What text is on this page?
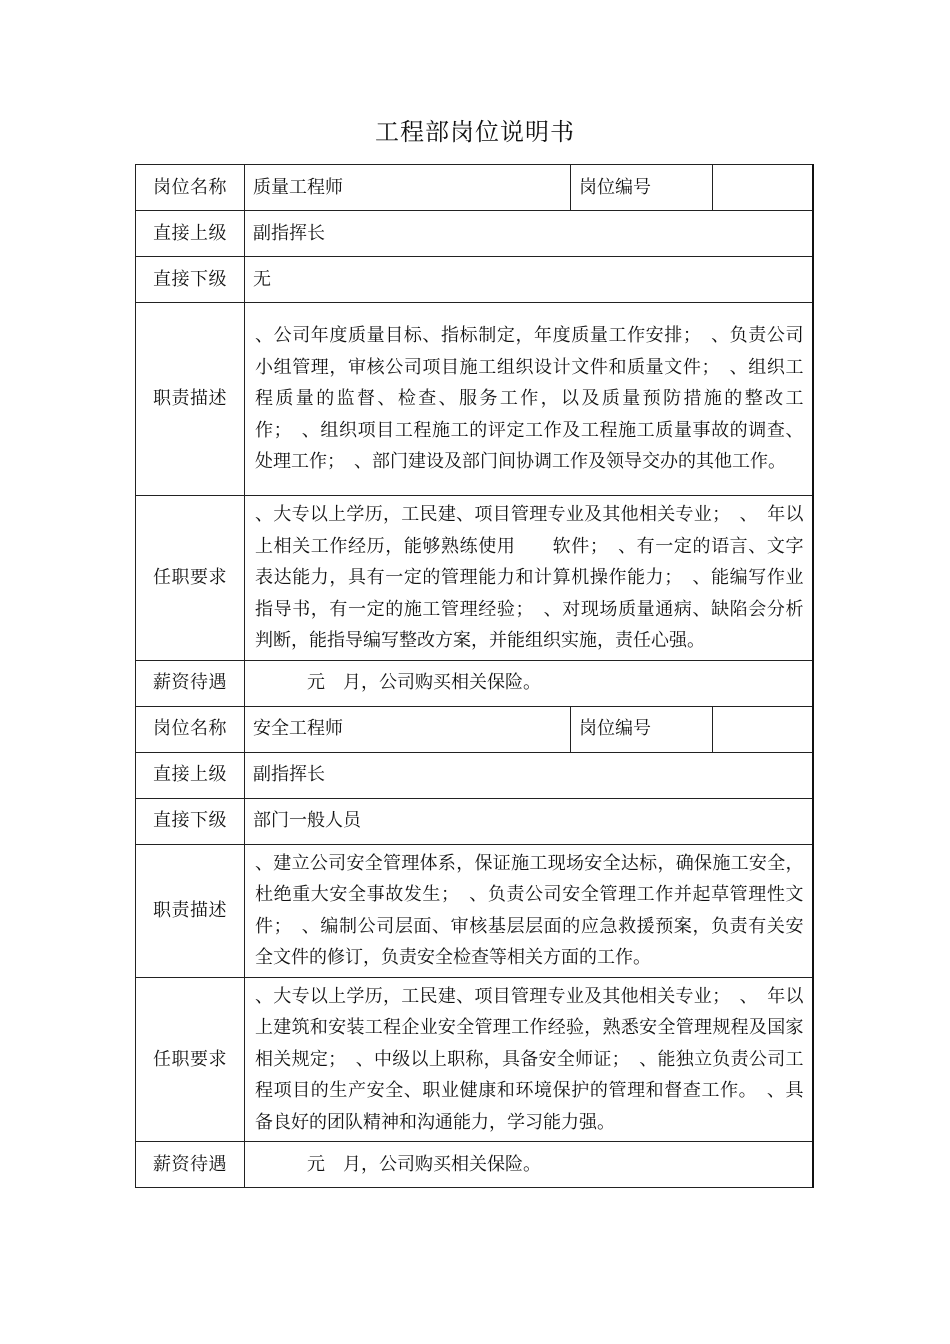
工程部岗位说明书
岗位名称	质量工程师	岗位编号	
直接上级	副指挥长		
直接下级	无		
职责描述	、公司年度质量目标、指标制定，年度质量工作安排；　、负责公司　　小组管理，审核公司项目施工组织设计文件和质量文件；　、组织工程质量的监督、检查、服务工作，以及质量预防措施的整改工作；　、组织项目工程施工的评定工作及工程施工质量事故的调查、处理工作；　、部门建设及部门间协调工作及领导交办的其他工作。		
任职要求	、大专以上学历，工民建、项目管理专业及其他相关专业；　、　年以上相关工作经历，能够熟练使用　　软件；　、有一定的语言、文字表达能力，具有一定的管理能力和计算机操作能力；　、能编写作业指导书，有一定的施工管理经验；　、对现场质量通病、缺陷会分析判断，能指导编写整改方案，并能组织实施，责任心强。		
薪资待遇	元　月，公司购买相关保险。		
岗位名称	安全工程师	岗位编号	
直接上级	副指挥长		
直接下级	部门一般人员		
职责描述	、建立公司安全管理体系，保证施工现场安全达标，确保施工安全，杜绝重大安全事故发生；　、负责公司安全管理工作并起草管理性文件；　、编制公司层面、审核基层层面的应急救援预案，负责有关安全文件的修订，负责安全检查等相关方面的工作。		
任职要求	、大专以上学历，工民建、项目管理专业及其他相关专业；　、　年以上建筑和安装工程企业安全管理工作经验，熟悉安全管理规程及国家相关规定；　、中级以上职称，具备安全师证；　、能独立负责公司工程项目的生产安全、职业健康和环境保护的管理和督查工作。　、具备良好的团队精神和沟通能力，学习能力强。		
薪资待遇	元　月，公司购买相关保险。		
